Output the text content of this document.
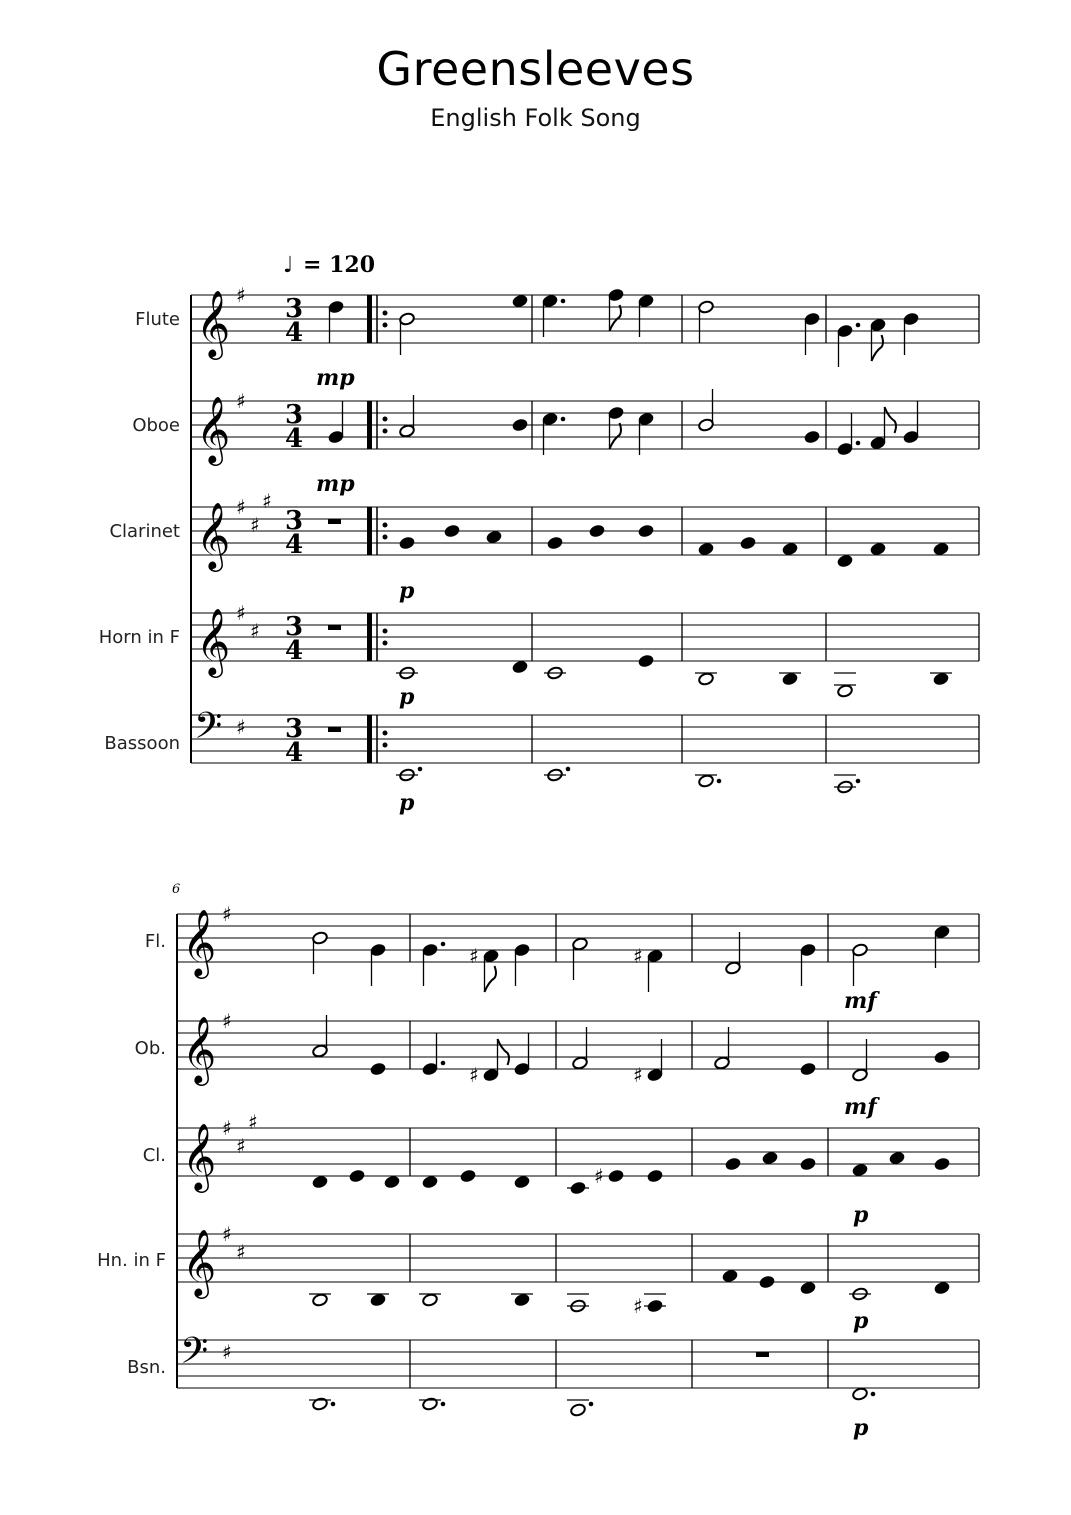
Greensleeves
English Folk Song
♩ = 120
Flute
Oboe
Clarinet
Horn in F
Bassoon
𝄞
𝄞
𝄞
𝄞
𝄢
♯
♯
♯
♯
♯
♯
♯
♯
3
4
3
4
3
4
3
4
3
4
mp
mp
p
p
p
6
Fl.
Ob.
Cl.
Hn. in F
Bsn.
𝄞
𝄞
𝄞
𝄞
𝄢
♯
♯
♯
♯
♯
♯
♯
♯
mf
mf
p
p
p
♯	♯
♯	♯
♯
♯
